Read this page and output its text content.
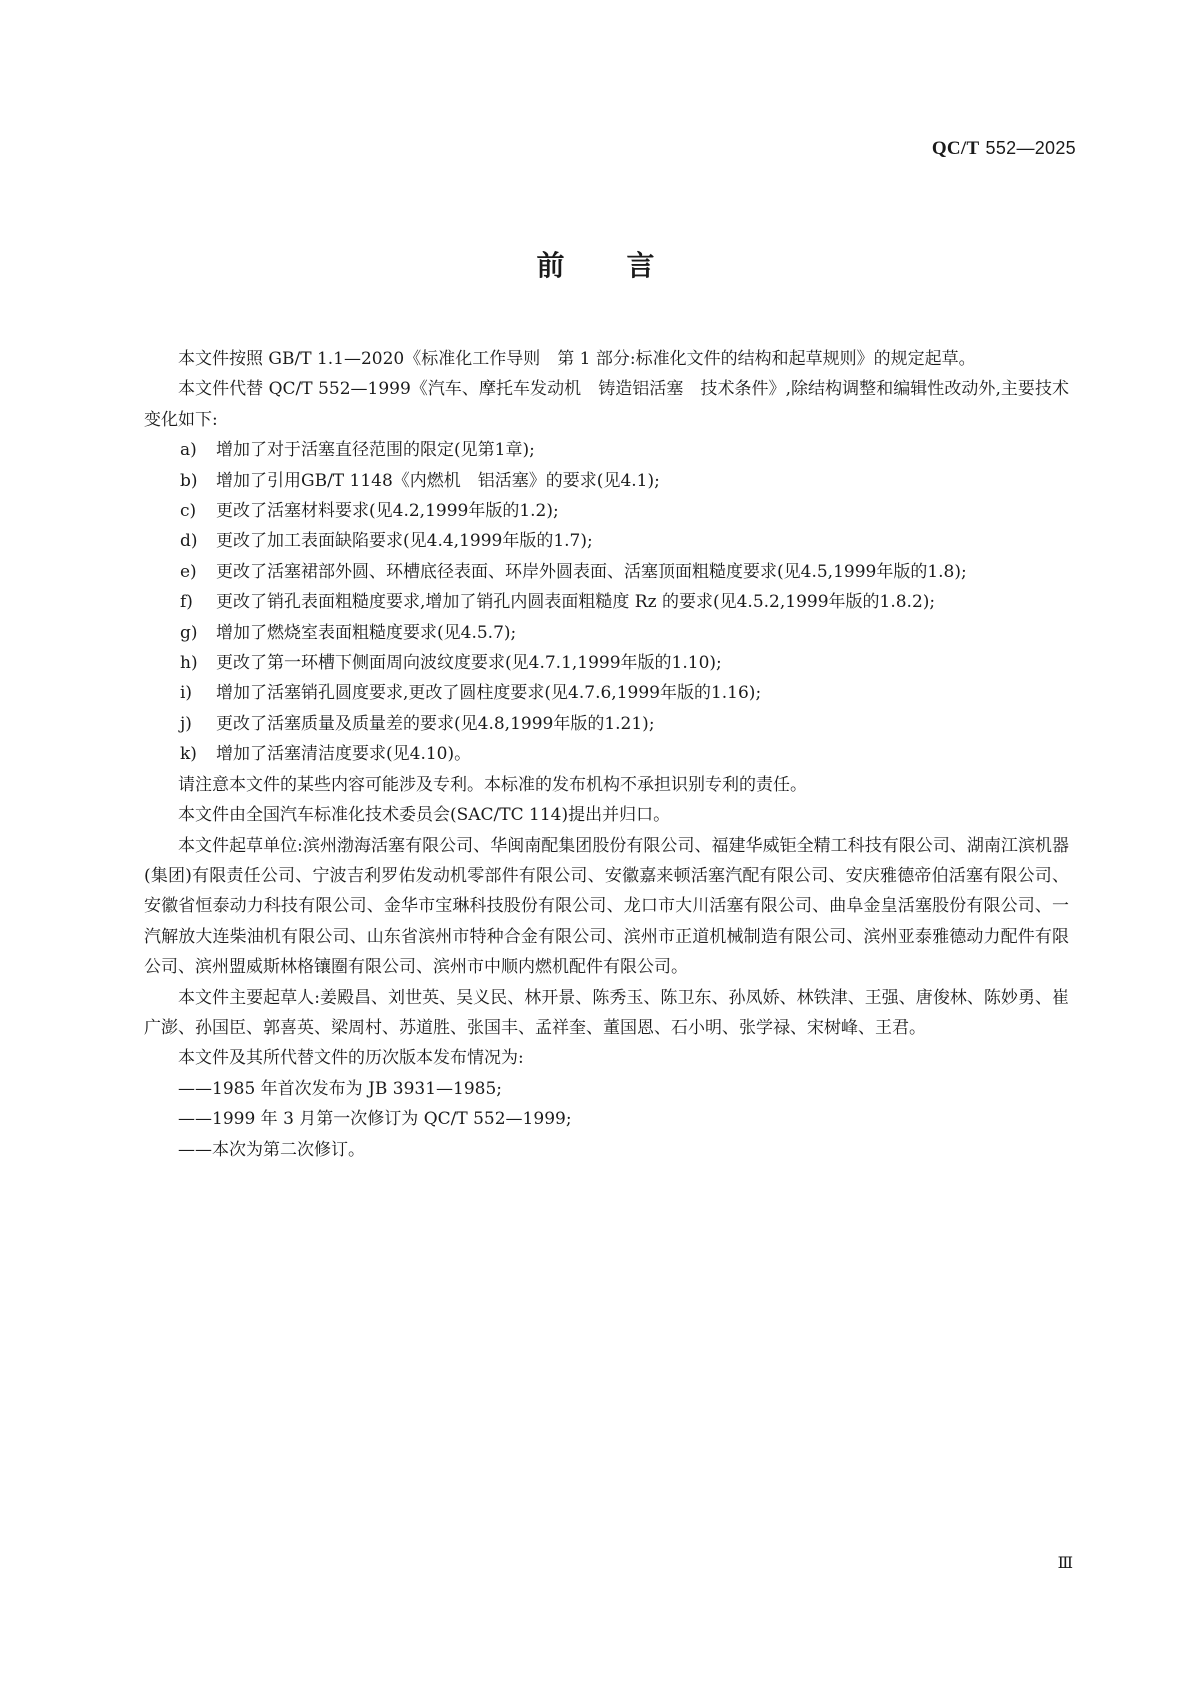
QC/T 552—2025
前言

本文件按照 GB/T 1.1—2020《标准化工作导则　第 1 部分:标准化文件的结构和起草规则》的规定起草。

本文件代替 QC/T 552—1999《汽车、摩托车发动机　铸造铝活塞　技术条件》,除结构调整和编辑性改动外,主要技术变化如下:

a) 增加了对于活塞直径范围的限定(见第1章);

b) 增加了引用GB/T 1148《内燃机　铝活塞》的要求(见4.1);

c) 更改了活塞材料要求(见4.2,1999年版的1.2);

d) 更改了加工表面缺陷要求(见4.4,1999年版的1.7);

e) 更改了活塞裙部外圆、环槽底径表面、环岸外圆表面、活塞顶面粗糙度要求(见4.5,1999年版的1.8);

f) 更改了销孔表面粗糙度要求,增加了销孔内圆表面粗糙度 Rz 的要求(见4.5.2,1999年版的1.8.2);

g) 增加了燃烧室表面粗糙度要求(见4.5.7);

h) 更改了第一环槽下侧面周向波纹度要求(见4.7.1,1999年版的1.10);

i) 增加了活塞销孔圆度要求,更改了圆柱度要求(见4.7.6,1999年版的1.16);

j) 更改了活塞质量及质量差的要求(见4.8,1999年版的1.21);

k) 增加了活塞清洁度要求(见4.10)。

请注意本文件的某些内容可能涉及专利。本标准的发布机构不承担识别专利的责任。

本文件由全国汽车标准化技术委员会(SAC/TC 114)提出并归口。

本文件起草单位:滨州渤海活塞有限公司、华闽南配集团股份有限公司、福建华威钜全精工科技有限公司、湖南江滨机器(集团)有限责任公司、宁波吉利罗佑发动机零部件有限公司、安徽嘉来顿活塞汽配有限公司、安庆雅德帝伯活塞有限公司、安徽省恒泰动力科技有限公司、金华市宝琳科技股份有限公司、龙口市大川活塞有限公司、曲阜金皇活塞股份有限公司、一汽解放大连柴油机有限公司、山东省滨州市特种合金有限公司、滨州市正道机械制造有限公司、滨州亚泰雅德动力配件有限公司、滨州盟威斯林格镶圈有限公司、滨州市中顺内燃机配件有限公司。

本文件主要起草人:姜殿昌、刘世英、吴义民、林开景、陈秀玉、陈卫东、孙凤娇、林铁津、王强、唐俊林、陈妙勇、崔广澎、孙国臣、郭喜英、梁周村、苏道胜、张国丰、孟祥奎、董国恩、石小明、张学禄、宋树峰、王君。

本文件及其所代替文件的历次版本发布情况为:

——1985 年首次发布为 JB 3931—1985;

——1999 年 3 月第一次修订为 QC/T 552—1999;

——本次为第二次修订。

Ⅲ
